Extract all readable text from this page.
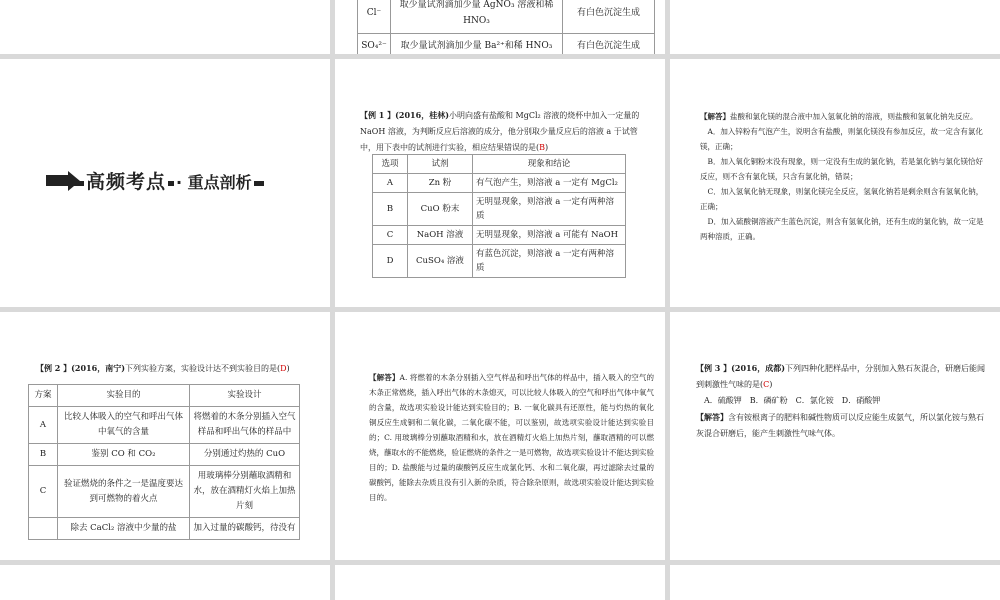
Cl⁻	取少量试剂滴加少量 AgNO₃ 溶液和稀 HNO₃	有白色沉淀生成
SO₄²⁻	取少量试剂滴加少量 Ba²⁺和稀 HNO₃	有白色沉淀生成
高频考点 · 重点剖析
【例 1 】(2016，桂林)小明向盛有盐酸和 MgCl₂ 溶液的烧杯中加入一定量的 NaOH 溶液，为判断反应后溶液的成分，他分别取少量反应后的溶液 a 于试管中，用下表中的试剂进行实验，相应结果错误的是(B)
选项	试剂	现象和结论
A	Zn 粉	有气泡产生，则溶液 a 一定有 MgCl₂
B	CuO 粉末	无明显现象，则溶液 a 一定有两种溶质
C	NaOH 溶液	无明显现象，则溶液 a 可能有 NaOH
D	CuSO₄ 溶液	有蓝色沉淀，则溶液 a 一定有两种溶质

【解答】盐酸和氯化镁的混合液中加入氢氧化钠的溶液，则盐酸和氢氧化钠先反应。

A．加入锌粉有气泡产生，说明含有盐酸，则氯化镁没有参加反应，故一定含有氯化镁，正确；

B．加入氧化铜粉末没有现象，则一定没有生成的氯化钠，若是氯化钠与氯化镁恰好反应，则不含有氯化镁，只含有氯化钠，错误；

C．加入氢氧化钠无现象，则氯化镁完全反应，氢氧化钠若是剩余则含有氢氧化钠，正确；

D．加入硫酸铜溶液产生蓝色沉淀，则含有氢氧化钠，还有生成的氯化钠，故一定是两种溶质，正确。

【例 2 】(2016，南宁)下列实验方案，实验设计达不到实验目的是(D)
方案	实验目的	实验设计
A	比较人体吸入的空气和呼出气体中氧气的含量	将燃着的木条分别插入空气样品和呼出气体的样品中
B	鉴别 CO 和 CO₂	分别通过灼热的 CuO
C	验证燃烧的条件之一是温度要达到可燃物的着火点	用玻璃棒分别蘸取酒精和水，放在酒精灯火焰上加热片刻
	除去 CaCl₂ 溶液中少量的盐	加入过量的碳酸钙，待没有

【解答】A. 将燃着的木条分别插入空气样品和呼出气体的样品中，插入吸入的空气的木条正常燃烧，插入呼出气体的木条熄灭，可以比较人体吸入的空气和呼出气体中氧气的含量，故选项实验设计能达到实验目的；B. 一氧化碳具有还原性，能与灼热的氧化铜反应生成铜和二氧化碳，二氧化碳不能，可以鉴别，故选项实验设计能达到实验目的；C. 用玻璃棒分别蘸取酒精和水，放在酒精灯火焰上加热片刻，蘸取酒精的可以燃烧，蘸取水的不能燃烧，验证燃烧的条件之一是可燃物，故选项实验设计不能达到实验目的；D. 盐酸能与过量的碳酸钙反应生成氯化钙、水和二氧化碳，再过滤除去过量的碳酸钙，能除去杂质且没有引入新的杂质，符合除杂原则，故选项实验设计能达到实验目的。

【例 3 】(2016，成都)下列四种化肥样品中，分别加入熟石灰混合，研磨后能闻到刺激性气味的是(C)
A．硫酸钾　B．磷矿粉　C．氯化铵　D．硝酸钾
【解答】含有铵根离子的肥料和碱性物质可以反应能生成氨气，所以氯化铵与熟石灰混合研磨后，能产生刺激性气味气体。
